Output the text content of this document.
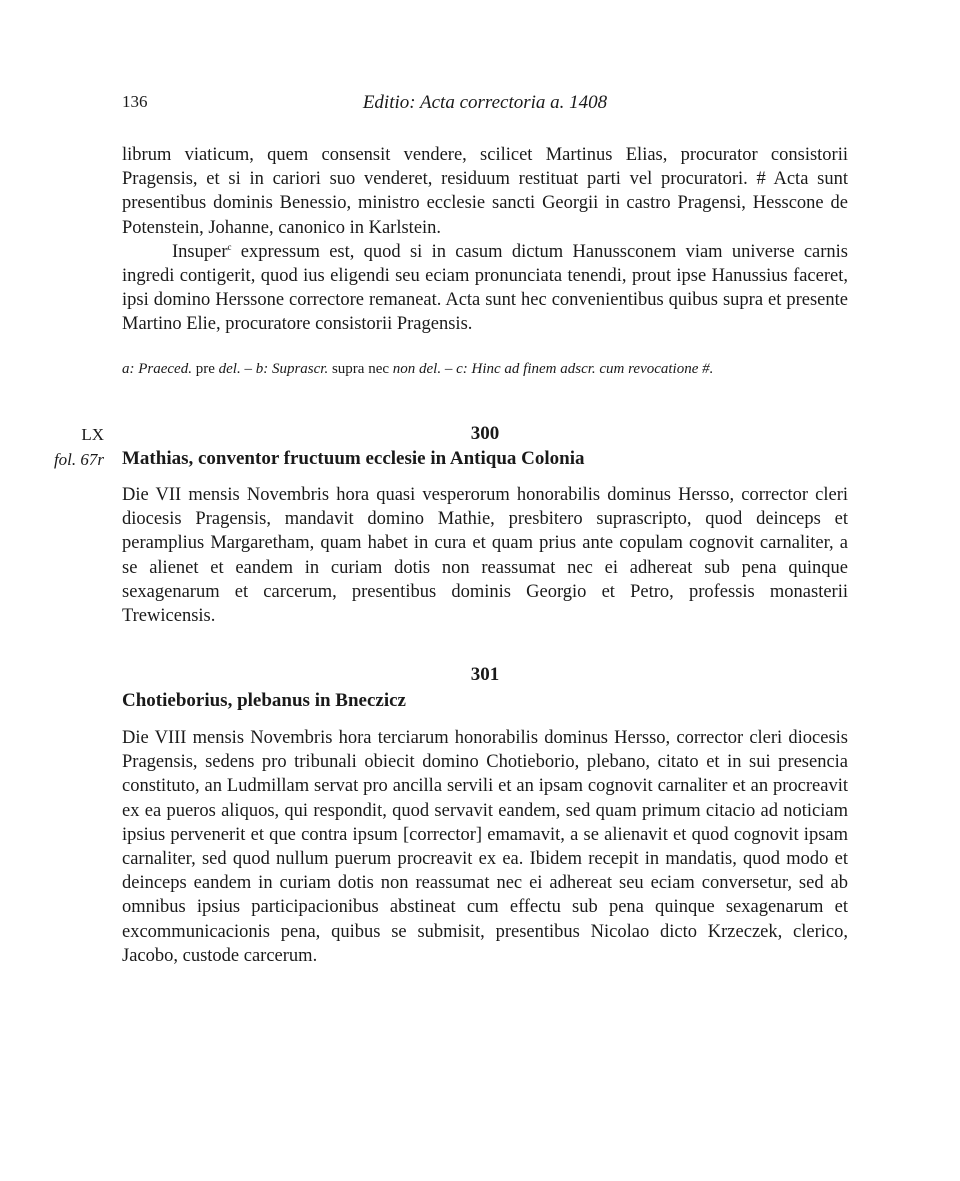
136	Editio: Acta correctoria a. 1408

librum viaticum, quem consensit vendere, scilicet Martinus Elias, procurator consistorii Pragensis, et si in cariori suo venderet, residuum restituat parti vel procuratori. # Acta sunt presentibus dominis Benessio, ministro ecclesie sancti Georgii in castro Pragensi, Hesscone de Potenstein, Johanne, canonico in Karlstein.

Insuper$^c$ expressum est, quod si in casum dictum Hanussconem viam universe carnis ingredi contigerit, quod ius eligendi seu eciam pronunciata tenendi, prout ipse Hanussius faceret, ipsi domino Herssone correctore remaneat. Acta sunt hec convenientibus quibus supra et presente Martino Elie, procuratore consistorii Pragensis.

a: Praeced. pre del. – b: Suprascr. supra nec non del. – c: Hinc ad finem adscr. cum revocatione #.
LX
fol. 67r
300
Mathias, conventor fructuum ecclesie in Antiqua Colonia

Die VII mensis Novembris hora quasi vesperorum honorabilis dominus Hersso, corrector cleri diocesis Pragensis, mandavit domino Mathie, presbitero suprascripto, quod deinceps et peramplius Margaretham, quam habet in cura et quam prius ante copulam cognovit carnaliter, a se alienet et eandem in curiam dotis non reassumat nec ei adhereat sub pena quinque sexagenarum et carcerum, presentibus dominis Georgio et Petro, professis monasterii Trewicensis.

301
Chotieborius, plebanus in Bneczicz

Die VIII mensis Novembris hora terciarum honorabilis dominus Hersso, corrector cleri diocesis Pragensis, sedens pro tribunali obiecit domino Chotieborio, plebano, citato et in sui presencia constituto, an Ludmillam servat pro ancilla servili et an ipsam cognovit carnaliter et an procreavit ex ea pueros aliquos, qui respondit, quod servavit eandem, sed quam primum citacio ad noticiam ipsius pervenerit et que contra ipsum [corrector] emamavit, a se alienavit et quod cognovit ipsam carnaliter, sed quod nullum puerum procreavit ex ea. Ibidem recepit in mandatis, quod modo et deinceps eandem in curiam dotis non reassumat nec ei adhereat seu eciam conversetur, sed ab omnibus ipsius participacionibus abstineat cum effectu sub pena quinque sexagenarum et excommunicacionis pena, quibus se submisit, presentibus Nicolao dicto Krzeczek, clerico, Jacobo, custode carcerum.
